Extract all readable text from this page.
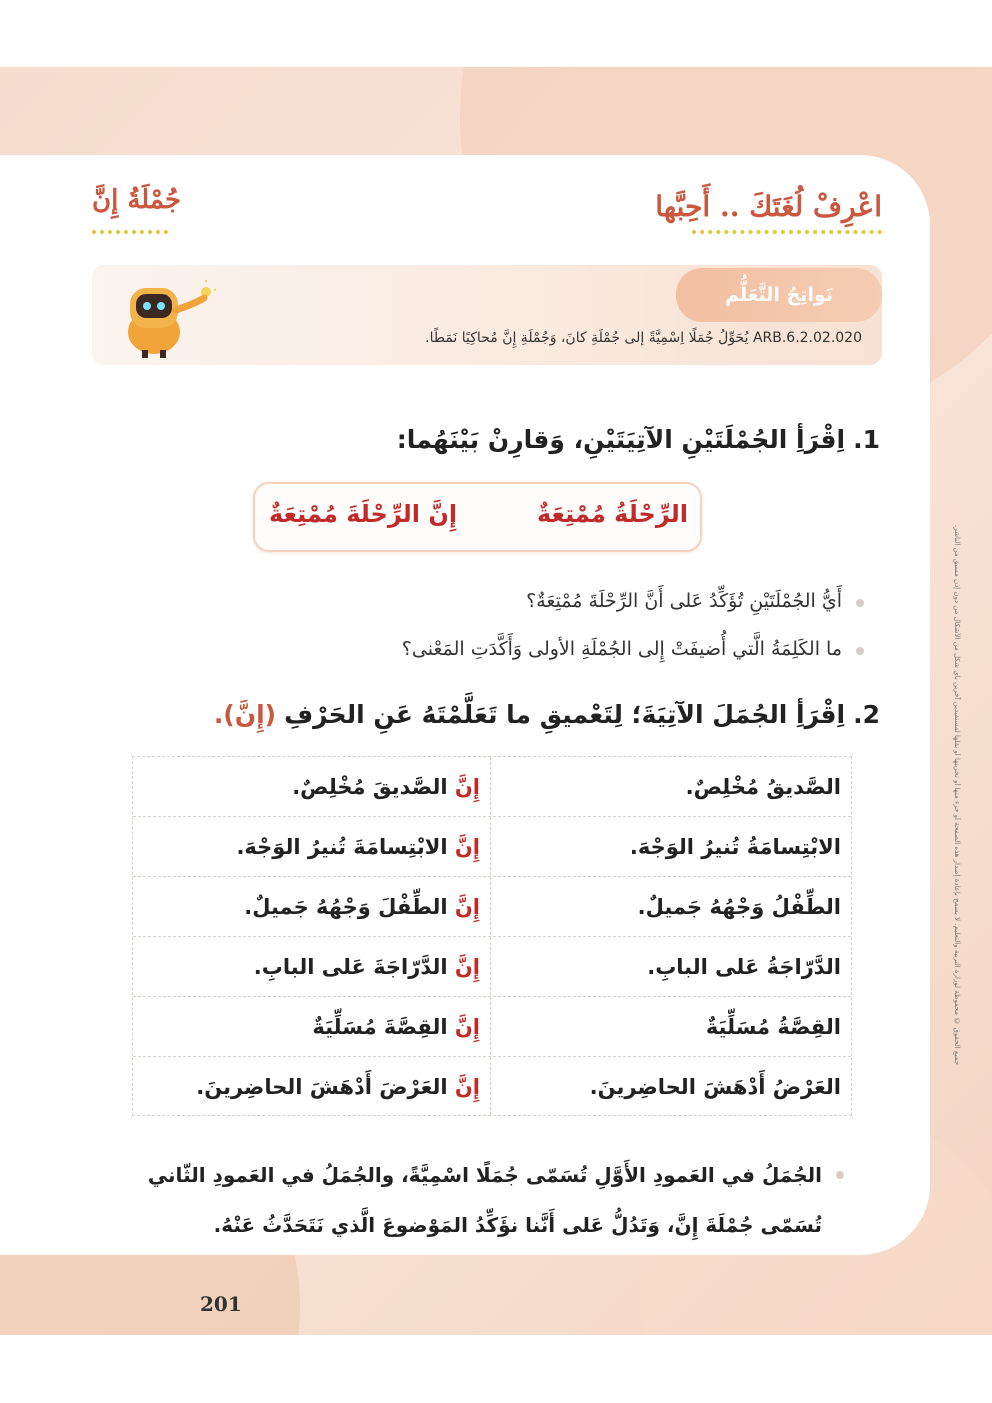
اعْرِفْ لُغَتَكَ .. أَحِبَّها
جُمْلَةُ إِنَّ
نَواتِجُ التَّعَلُّم
ARB.6.2.02.020 يُحَوِّلُ جُمَلًا اِسْمِيَّةً إلى جُمْلَةِ كانَ، وَجُمْلَةِ إِنَّ مُحاكِيًا نَمَطًا.
جميع الحقوق © محفوظة لوزارة التربية والتعليم. لا يسمح بإعادة إصدار هذه الصفحة أو جزء منها أو تخزينها أو نقلها لمستفيدين آخرين بأي شكل من الأشكال من دون إذن مسبق من الناشر.
1.
اِقْرَأِ الجُمْلَتَيْنِ الآتِيَتَيْنِ، وَقارِنْ بَيْنَهُما:
الرِّحْلَةُ مُمْتِعَةٌ
إِنَّ الرِّحْلَةَ مُمْتِعَةٌ
أَيُّ الجُمْلَتَيْنِ تُؤَكِّدُ عَلى أَنَّ الرِّحْلَةَ مُمْتِعَةٌ؟
ما الكَلِمَةُ الَّتي أُضيفَتْ إِلى الجُمْلَةِ الأولى وَأَكَّدَتِ المَعْنى؟
2.
اِقْرَأِ الجُمَلَ الآتِيَةَ؛ لِتَعْميقِ ما تَعَلَّمْتَهُ عَنِ الحَرْفِ
(إِنَّ).
الصَّديقُ مُخْلِصٌ.
إِنَّ الصَّديقَ مُخْلِصٌ.
الابْتِسامَةُ تُنيرُ الوَجْهَ.
إِنَّ الابْتِسامَةَ تُنيرُ الوَجْهَ.
الطِّفْلُ وَجْهُهُ جَميلٌ.
إِنَّ الطِّفْلَ وَجْهُهُ جَميلٌ.
الدَّرّاجَةُ عَلى البابِ.
إِنَّ الدَّرّاجَةَ عَلى البابِ.
القِصَّةُ مُسَلِّيَةٌ
إِنَّ القِصَّةَ مُسَلِّيَةٌ
العَرْضُ أَدْهَشَ الحاضِرينَ.
إِنَّ العَرْضَ أَدْهَشَ الحاضِرينَ.
الجُمَلُ في العَمودِ الأَوَّلِ تُسَمّى جُمَلًا اسْمِيَّةً، والجُمَلُ في العَمودِ الثّاني تُسَمّى جُمْلَةَ إِنَّ، وَتَدُلُّ عَلى أَنَّنا نؤَكِّدُ المَوْضوعَ الَّذي نَتَحَدَّثُ عَنْهُ.
201
